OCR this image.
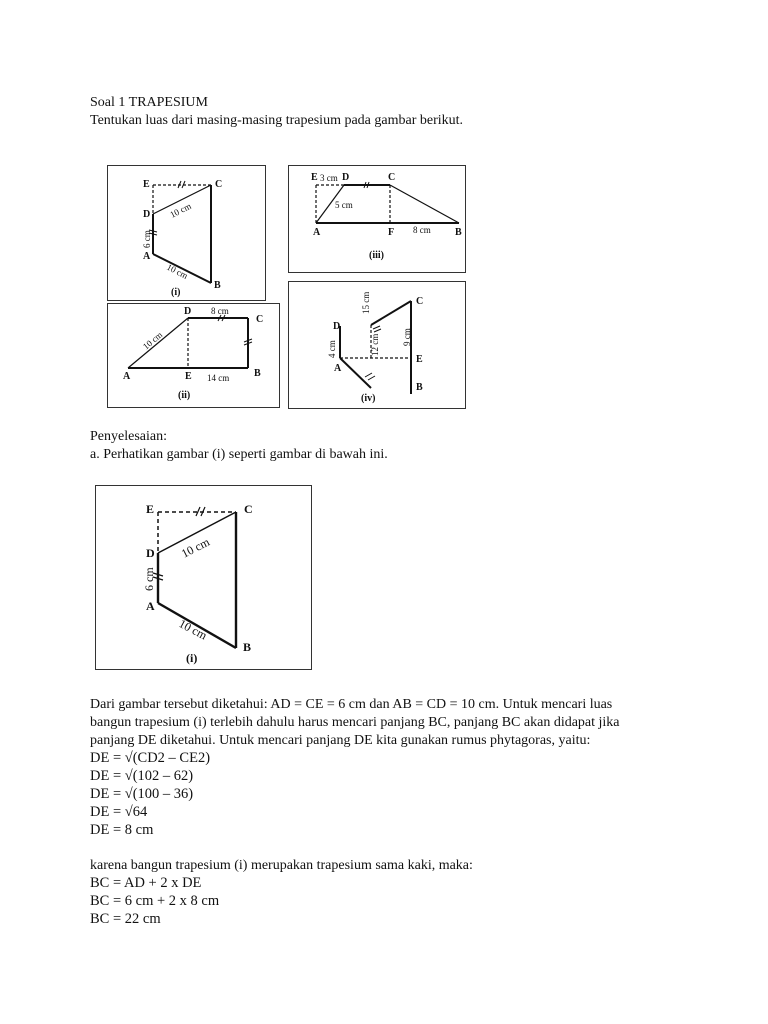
Soal 1 TRAPESIUM
Tentukan luas dari masing-masing trapesium pada gambar berikut.
E	C
D
A
B
10 cm
6 cm
10 cm
(i)
E D	C
A	F	B
3 cm
5 cm
8 cm
(iii)
D
C
A	E	B
8 cm
10 cm
14 cm
(ii)
C
D
E
A
B
15 cm
4 cm	12 cm 9 cm
(iv)
Penyelesaian:
a. Perhatikan gambar (i) seperti gambar di bawah ini.
E	C
D
A
B
10 cm
6 cm
10 cm
(i)
Dari gambar tersebut diketahui: AD = CE = 6 cm dan AB = CD = 10 cm. Untuk mencari luas
bangun trapesium (i) terlebih dahulu harus mencari panjang BC, panjang BC akan didapat jika
panjang DE diketahui. Untuk mencari panjang DE kita gunakan rumus phytagoras, yaitu:
DE = √(CD2 – CE2)
DE = √(102 – 62)
DE = √(100 – 36)
DE = √64
DE = 8 cm
karena bangun trapesium (i) merupakan trapesium sama kaki, maka:
BC = AD + 2 x DE
BC = 6 cm + 2 x 8 cm
BC = 22 cm
